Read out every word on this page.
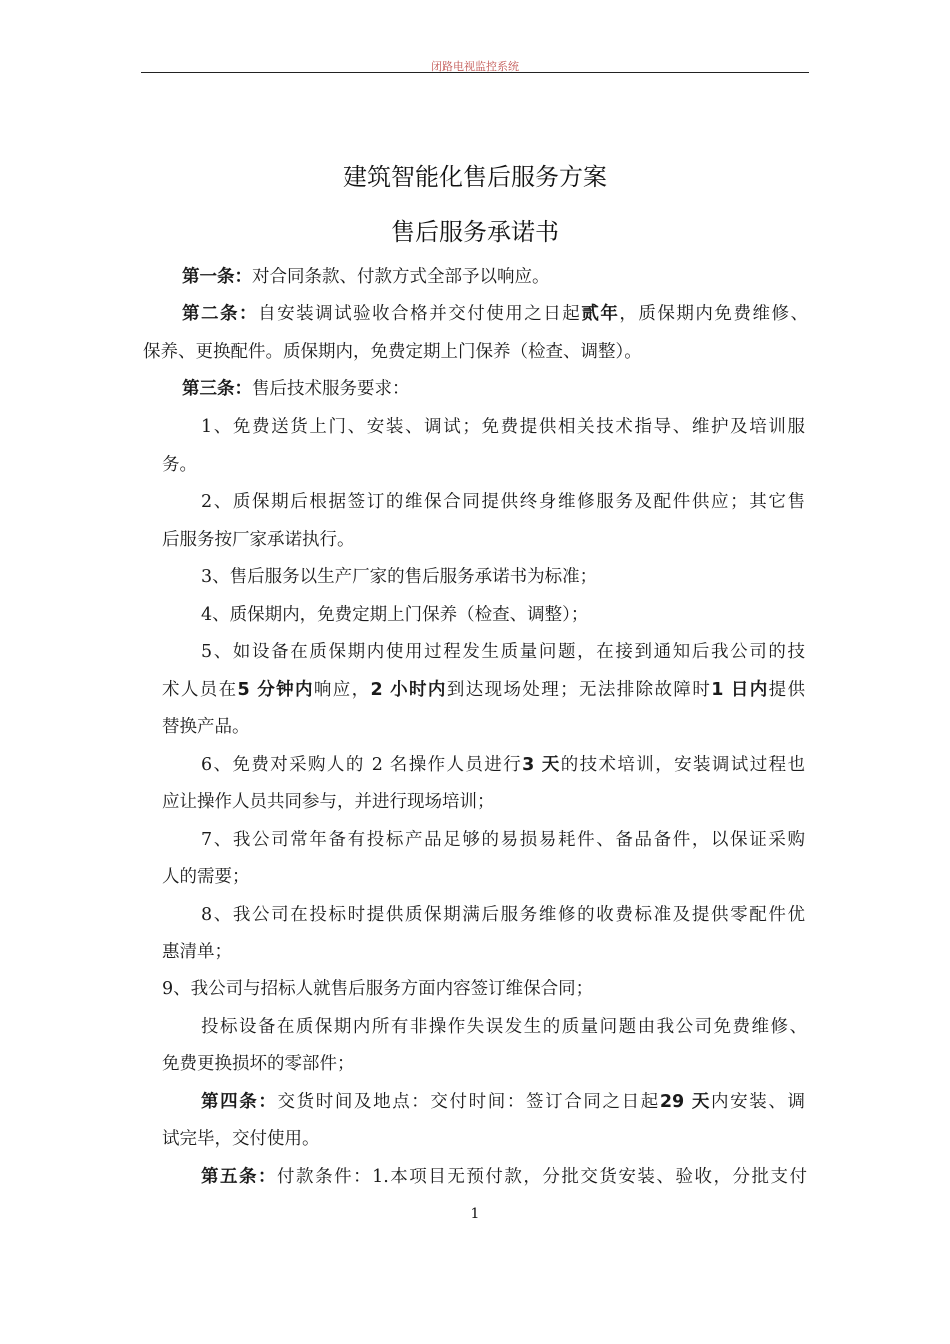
闭路电视监控系统
建筑智能化售后服务方案
售后服务承诺书
第一条：对合同条款、付款方式全部予以响应。
第二条：自安装调试验收合格并交付使用之日起贰年，质保期内免费维修、
保养、更换配件。质保期内，免费定期上门保养（检查、调整）。
第三条：售后技术服务要求：
1、免费送货上门、安装、调试；免费提供相关技术指导、维护及培训服
务。
2、质保期后根据签订的维保合同提供终身维修服务及配件供应；其它售
后服务按厂家承诺执行。
3、售后服务以生产厂家的售后服务承诺书为标准；
4、质保期内，免费定期上门保养（检查、调整）；
5、如设备在质保期内使用过程发生质量问题，在接到通知后我公司的技
术人员在5 分钟内响应，2 小时内到达现场处理；无法排除故障时1 日内提供
替换产品。
6、免费对采购人的 2 名操作人员进行3 天的技术培训，安装调试过程也
应让操作人员共同参与，并进行现场培训；
7、我公司常年备有投标产品足够的易损易耗件、备品备件，以保证采购
人的需要；
8、我公司在投标时提供质保期满后服务维修的收费标准及提供零配件优
惠清单；
9、我公司与招标人就售后服务方面内容签订维保合同；
投标设备在质保期内所有非操作失误发生的质量问题由我公司免费维修、
免费更换损坏的零部件；
第四条：交货时间及地点：交付时间：签订合同之日起29 天内安装、调
试完毕，交付使用。
第五条：付款条件：1.本项目无预付款，分批交货安装、验收，分批支付
1
